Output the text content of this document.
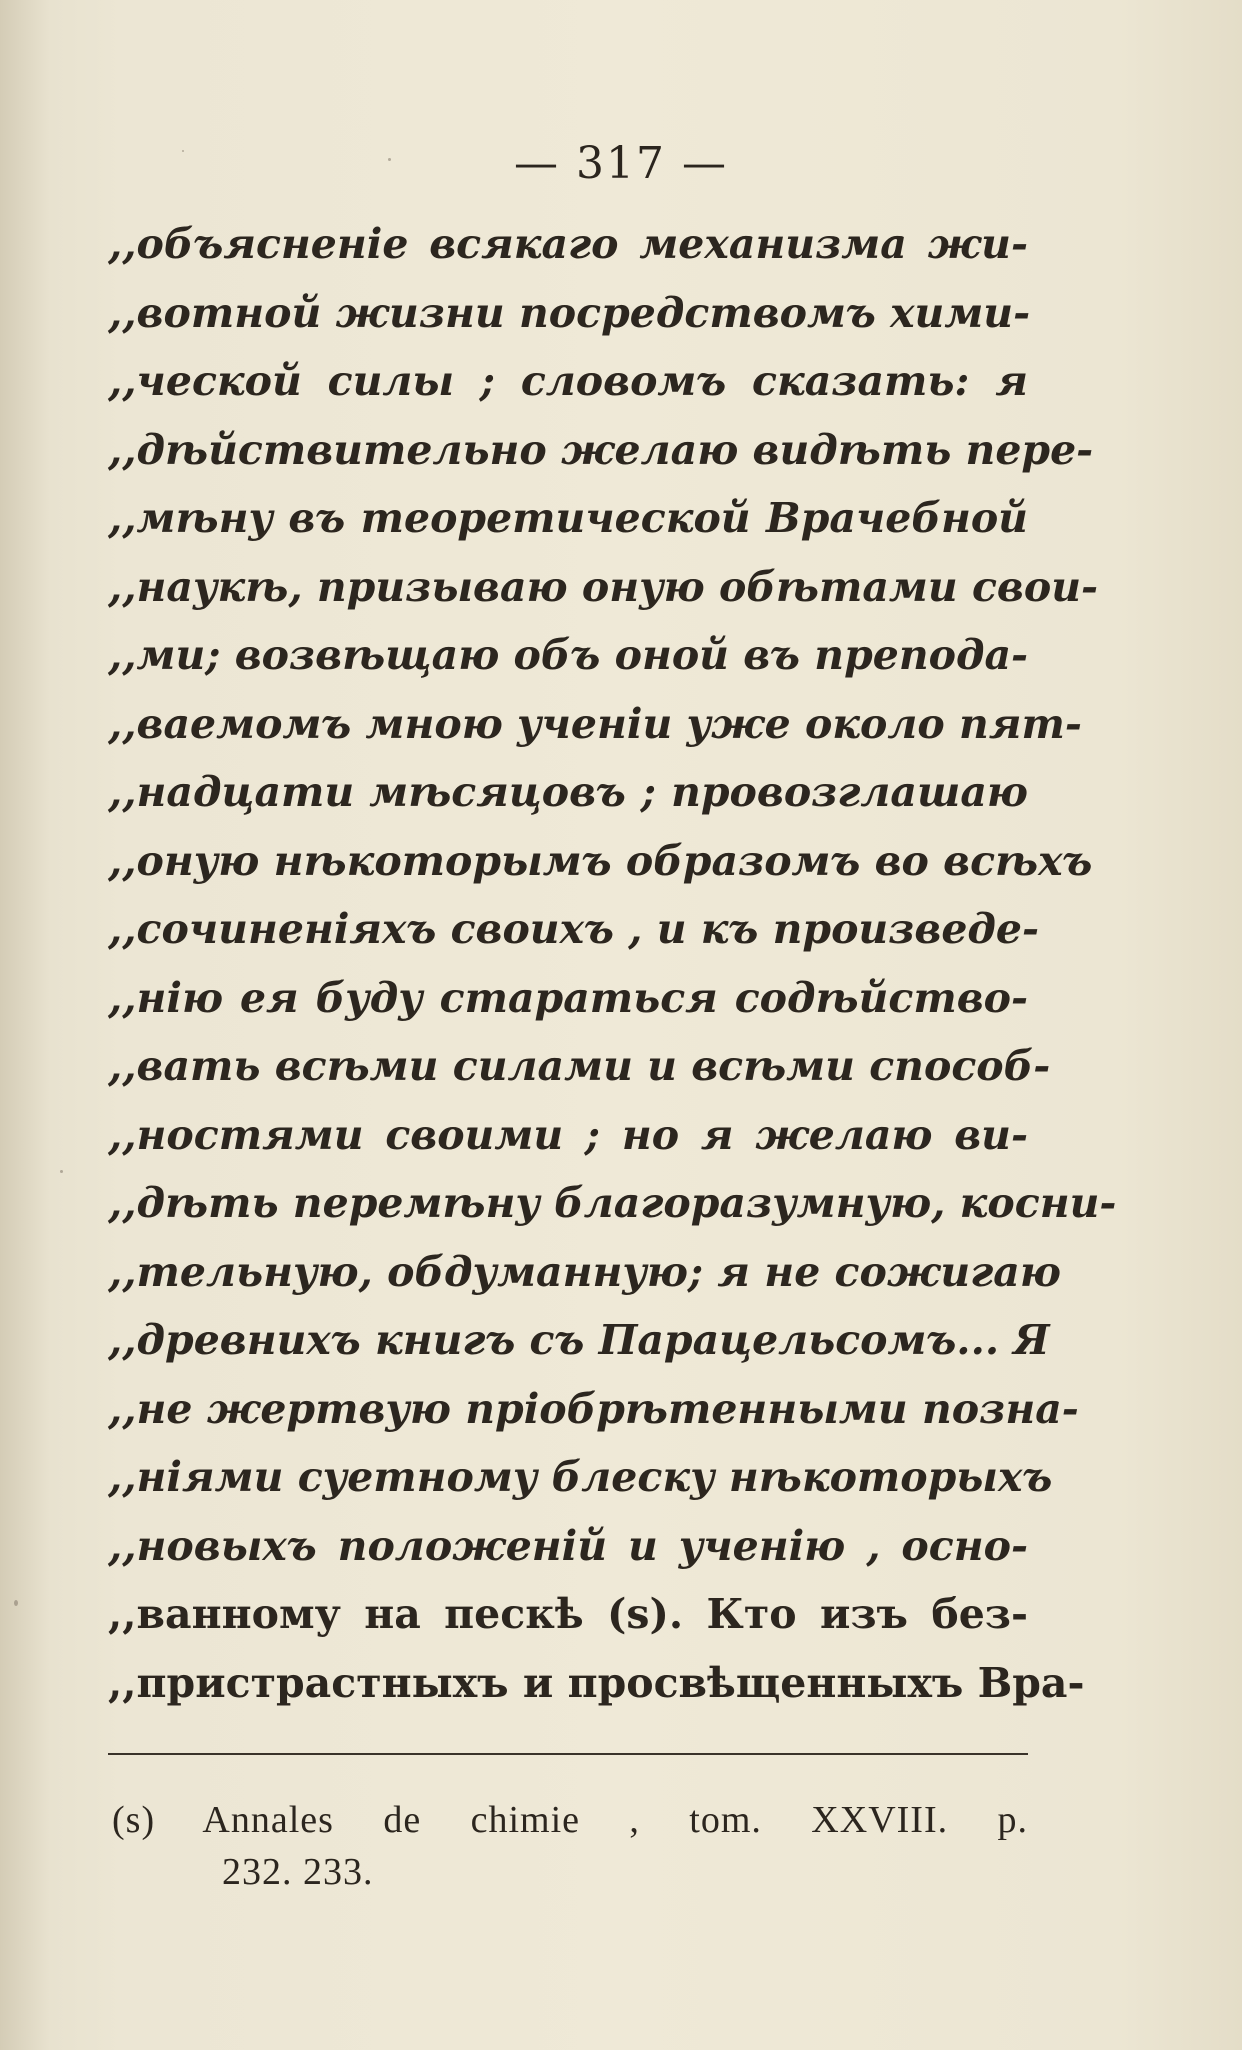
— 317 —
,,объясненіе всякаго механизма жи-
,,вотной жизни посредствомъ хими-
,,ческой силы ; словомъ сказать: я
,,дѣйствительно желаю видѣть пере-
,,мѣну въ теоретической Врачебной
,,наукѣ, призываю оную обѣтами свои-
,,ми; возвѣщаю объ оной въ препода-
,,ваемомъ мною ученіи уже около пят-
,,надцати мѣсяцовъ ; провозглашаю
,,оную нѣкоторымъ образомъ во всѣхъ
,,сочиненіяхъ своихъ , и къ произведе-
,,нію ея буду стараться содѣйство-
,,вать всѣми силами и всѣми способ-
,,ностями своими ; но я желаю ви-
,,дѣть перемѣну благоразумную, косни-
,,тельную, обдуманную; я не сожигаю
,,древнихъ книгъ съ Парацельсомъ... Я
,,не жертвую пріобрѣтенными позна-
,,ніями суетному блеску нѣкоторыхъ
,,новыхъ положеній и ученію , осно-
,,ванному на пескѣ (s). Кто изъ без-
,,пристрастныхъ и просвѣщенныхъ Вра-
(s) Annales de chimie , tom. XXVIII. p.
232. 233.
